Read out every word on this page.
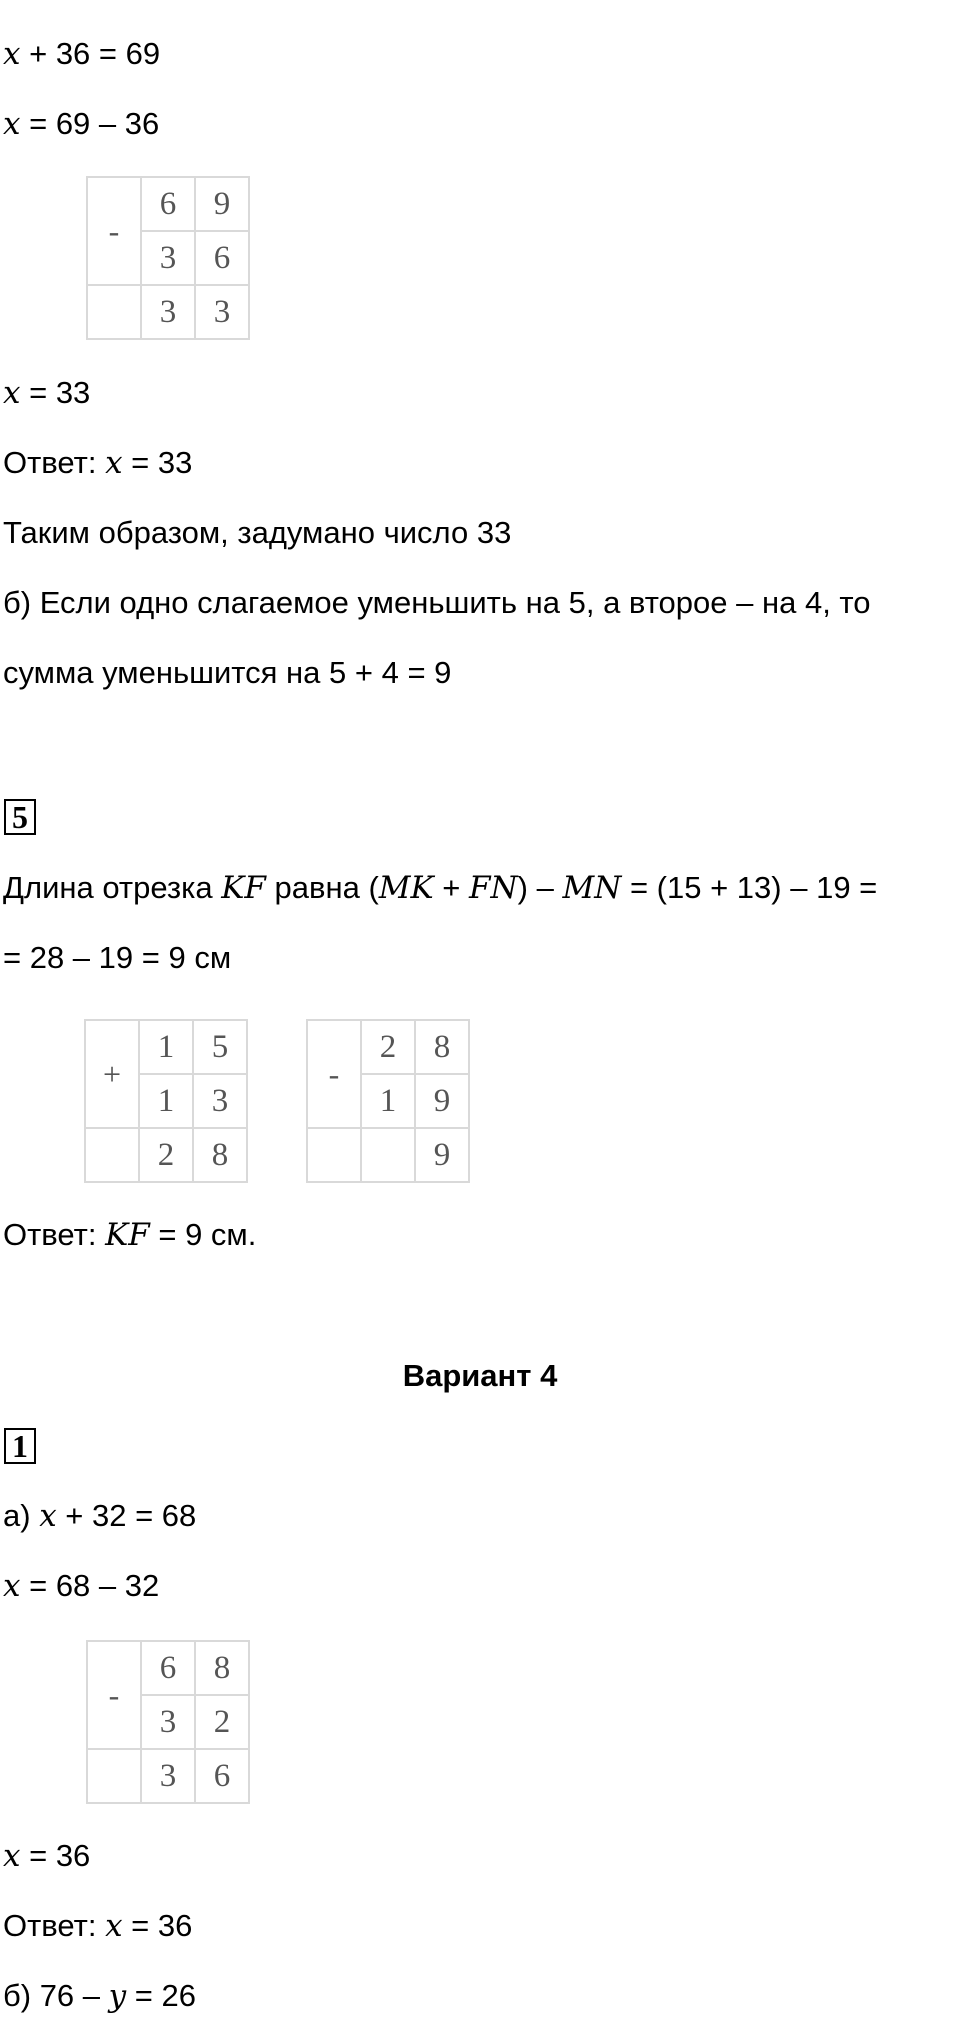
x + 36 = 69
x = 69 – 36
-	6	9
	3	6
	3	3
x = 33
Ответ: x = 33
Таким образом, задумано число 33
б) Если одно слагаемое уменьшить на 5, а второе – на 4, то
сумма уменьшится на 5 + 4 = 9
5
Длина отрезка KF равна (MK + FN) – MN = (15 + 13) – 19 =
= 28 – 19 = 9 см
+	1	5
	1	3
	2	8
-	2	8
	1	9
		9
Ответ: KF = 9 см.
Вариант 4
1
а) x + 32 = 68
x = 68 – 32
-	6	8
	3	2
	3	6
x = 36
Ответ: x = 36
б) 76 – y = 26
